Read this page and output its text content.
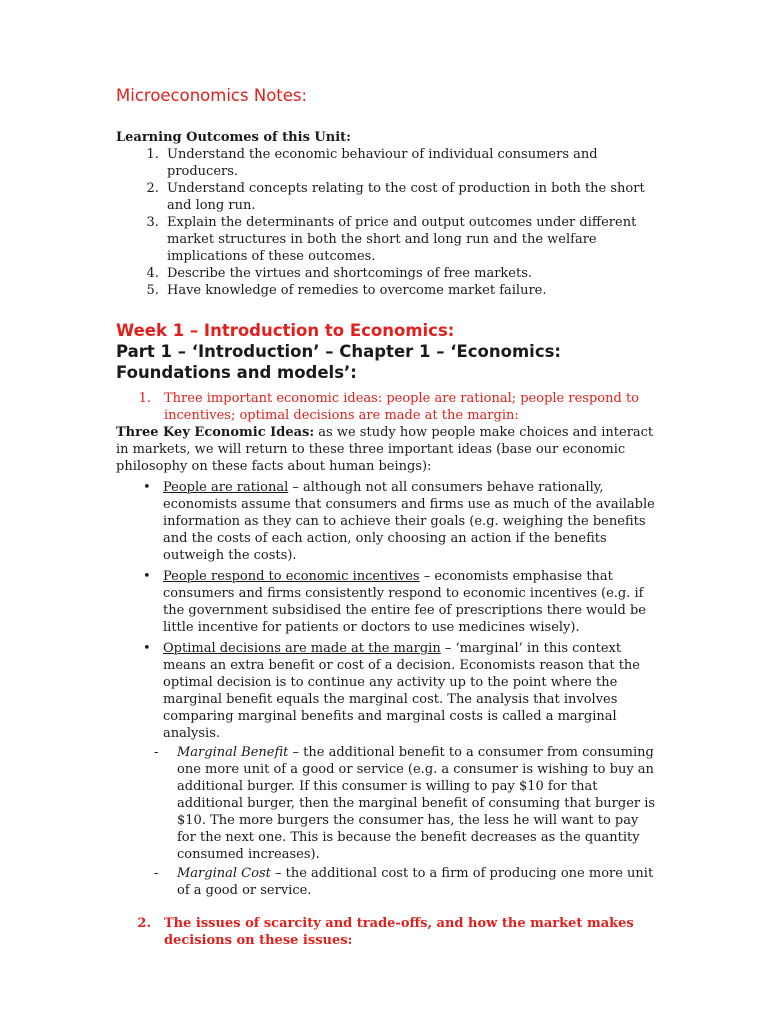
Microeconomics Notes:

Learning Outcomes of this Unit:

1. Understand the economic behaviour of individual consumers and producers.
2. Understand concepts relating to the cost of production in both the short and long run.
3. Explain the determinants of price and output outcomes under different market structures in both the short and long run and the welfare implications of these outcomes.
4. Describe the virtues and shortcomings of free markets.
5. Have knowledge of remedies to overcome market failure.
Week 1 – Introduction to Economics:
Part 1 – ‘Introduction’ – Chapter 1 – ‘Economics: Foundations and models’:
1.	Three important economic ideas: people are rational; people respond to incentives; optimal decisions are made at the margin:

Three Key Economic Ideas: as we study how people make choices and interact in markets, we will return to these three important ideas (base our economic philosophy on these facts about human beings):

• People are rational – although not all consumers behave rationally, economists assume that consumers and firms use as much of the available information as they can to achieve their goals (e.g. weighing the benefits and the costs of each action, only choosing an action if the benefits outweigh the costs).
• People respond to economic incentives – economists emphasise that consumers and firms consistently respond to economic incentives (e.g. if the government subsidised the entire fee of prescriptions there would be little incentive for patients or doctors to use medicines wisely).
• Optimal decisions are made at the margin – ‘marginal’ in this context means an extra benefit or cost of a decision. Economists reason that the optimal decision is to continue any activity up to the point where the marginal benefit equals the marginal cost. The analysis that involves comparing marginal benefits and marginal costs is called a marginal analysis.
- Marginal Benefit – the additional benefit to a consumer from consuming one more unit of a good or service (e.g. a consumer is wishing to buy an additional burger. If this consumer is willing to pay $10 for that additional burger, then the marginal benefit of consuming that burger is $10. The more burgers the consumer has, the less he will want to pay for the next one. This is because the benefit decreases as the quantity consumed increases).
- Marginal Cost – the additional cost to a firm of producing one more unit of a good or service.
2.	The issues of scarcity and trade-offs, and how the market makes decisions on these issues:
